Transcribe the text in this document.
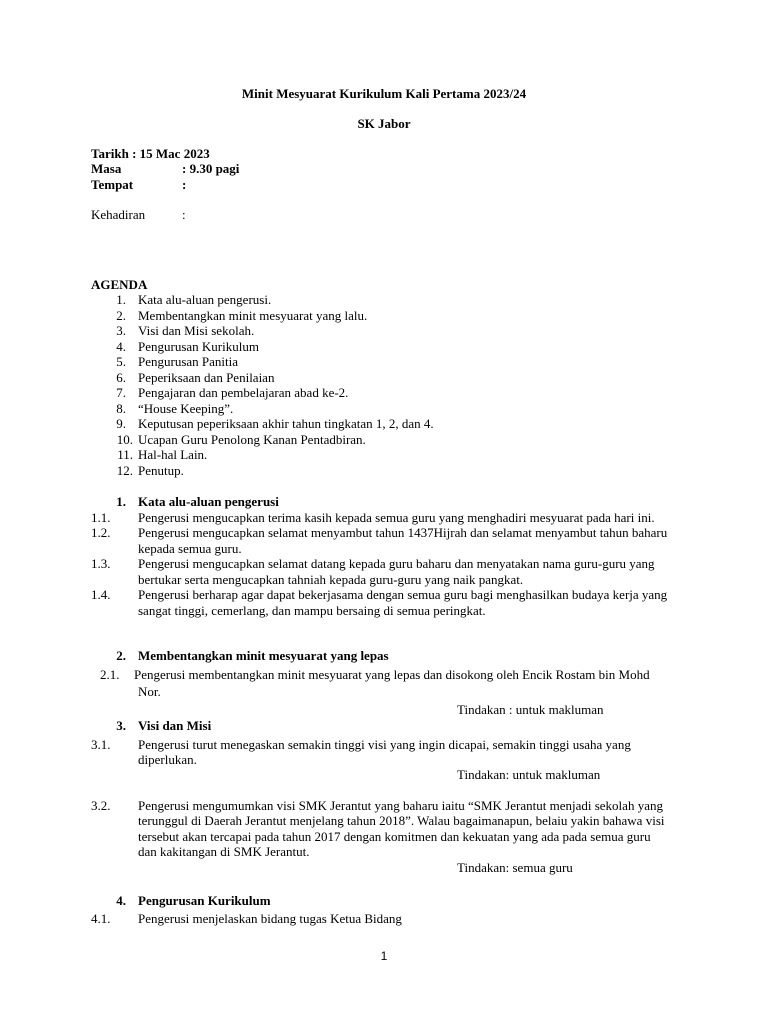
Minit Mesyuarat Kurikulum Kali Pertama 2023/24
SK Jabor
Tarikh : 15 Mac 2023
Masa	: 9.30 pagi
Tempat	:
Kehadiran	:
AGENDA
1. Kata alu-aluan pengerusi.
2. Membentangkan minit mesyuarat yang lalu.
3. Visi dan Misi sekolah.
4. Pengurusan Kurikulum
5. Pengurusan Panitia
6. Peperiksaan dan Penilaian
7. Pengajaran dan pembelajaran abad ke-2.
8. “House Keeping”.
9. Keputusan peperiksaan akhir tahun tingkatan 1, 2, dan 4.
10. Ucapan Guru Penolong Kanan Pentadbiran.
11. Hal-hal Lain.
12. Penutup.
1. Kata alu-aluan pengerusi
1.1. Pengerusi mengucapkan terima kasih kepada semua guru yang menghadiri mesyuarat pada hari ini.
1.2. Pengerusi mengucapkan selamat menyambut tahun 1437Hijrah dan selamat menyambut tahun baharu
kepada semua guru.
1.3. Pengerusi mengucapkan selamat datang kepada guru baharu dan menyatakan nama guru-guru yang
bertukar serta mengucapkan tahniah kepada guru-guru yang naik pangkat.
1.4. Pengerusi berharap agar dapat bekerjasama dengan semua guru bagi menghasilkan budaya kerja yang
sangat tinggi, cemerlang, dan mampu bersaing di semua peringkat.
2. Membentangkan minit mesyuarat yang lepas
2.1. Pengerusi membentangkan minit mesyuarat yang lepas dan disokong oleh Encik Rostam bin Mohd
Nor.
Tindakan : untuk makluman
3. Visi dan Misi
3.1. Pengerusi turut menegaskan semakin tinggi visi yang ingin dicapai, semakin tinggi usaha yang
diperlukan.
Tindakan: untuk makluman
3.2. Pengerusi mengumumkan visi SMK Jerantut yang baharu iaitu “SMK Jerantut menjadi sekolah yang
terunggul di Daerah Jerantut menjelang tahun 2018”. Walau bagaimanapun, belaiu yakin bahawa visi
tersebut akan tercapai pada tahun 2017 dengan komitmen dan kekuatan yang ada pada semua guru
dan kakitangan di SMK Jerantut.
Tindakan: semua guru
4. Pengurusan Kurikulum
4.1. Pengerusi menjelaskan bidang tugas Ketua Bidang
1
